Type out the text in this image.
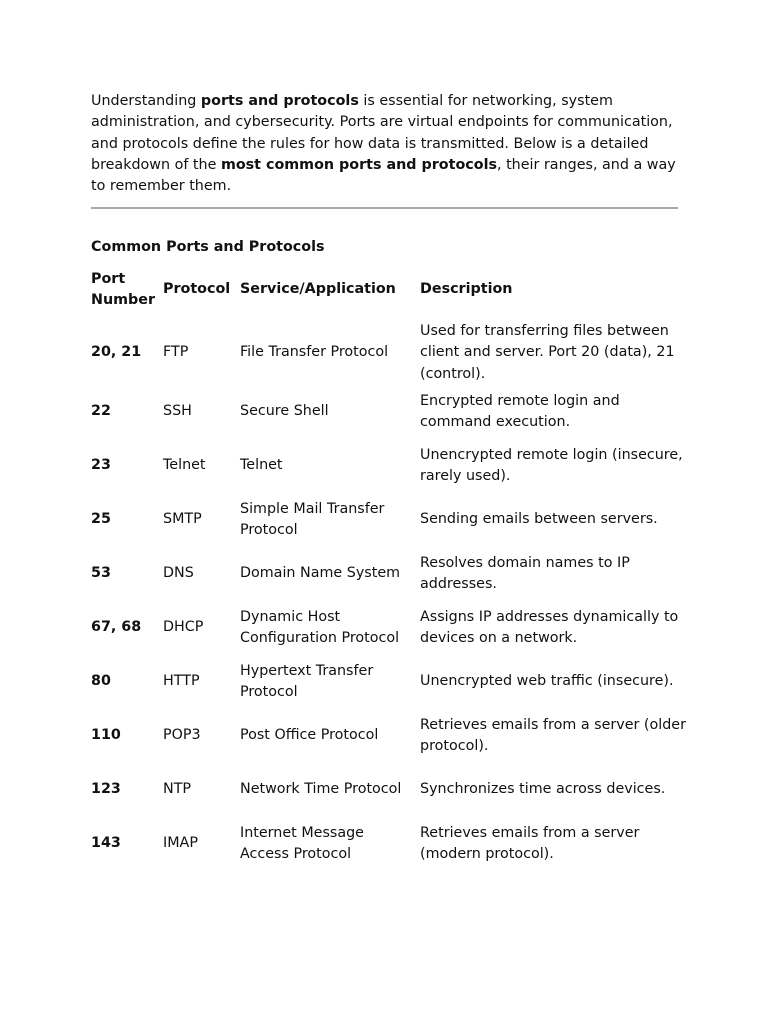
Understanding ports and protocols is essential for networking, system administration, and cybersecurity. Ports are virtual endpoints for communication, and protocols define the rules for how data is transmitted. Below is a detailed breakdown of the most common ports and protocols, their ranges, and a way to remember them.

Common Ports and Protocols
Port Number	Protocol	Service/Application	Description

20, 21	FTP	File Transfer Protocol	Used for transferring files between client and server. Port 20 (data), 21 (control).
22	SSH	Secure Shell	Encrypted remote login and command execution.
23	Telnet	Telnet	Unencrypted remote login (insecure, rarely used).
25	SMTP	Simple Mail Transfer Protocol	Sending emails between servers.
53	DNS	Domain Name System	Resolves domain names to IP addresses.
67, 68	DHCP	Dynamic Host Configuration Protocol	Assigns IP addresses dynamically to devices on a network.
80	HTTP	Hypertext Transfer Protocol	Unencrypted web traffic (insecure).
110	POP3	Post Office Protocol	Retrieves emails from a server (older protocol).
123	NTP	Network Time Protocol	Synchronizes time across devices.
143	IMAP	Internet Message Access Protocol	Retrieves emails from a server (modern protocol).
